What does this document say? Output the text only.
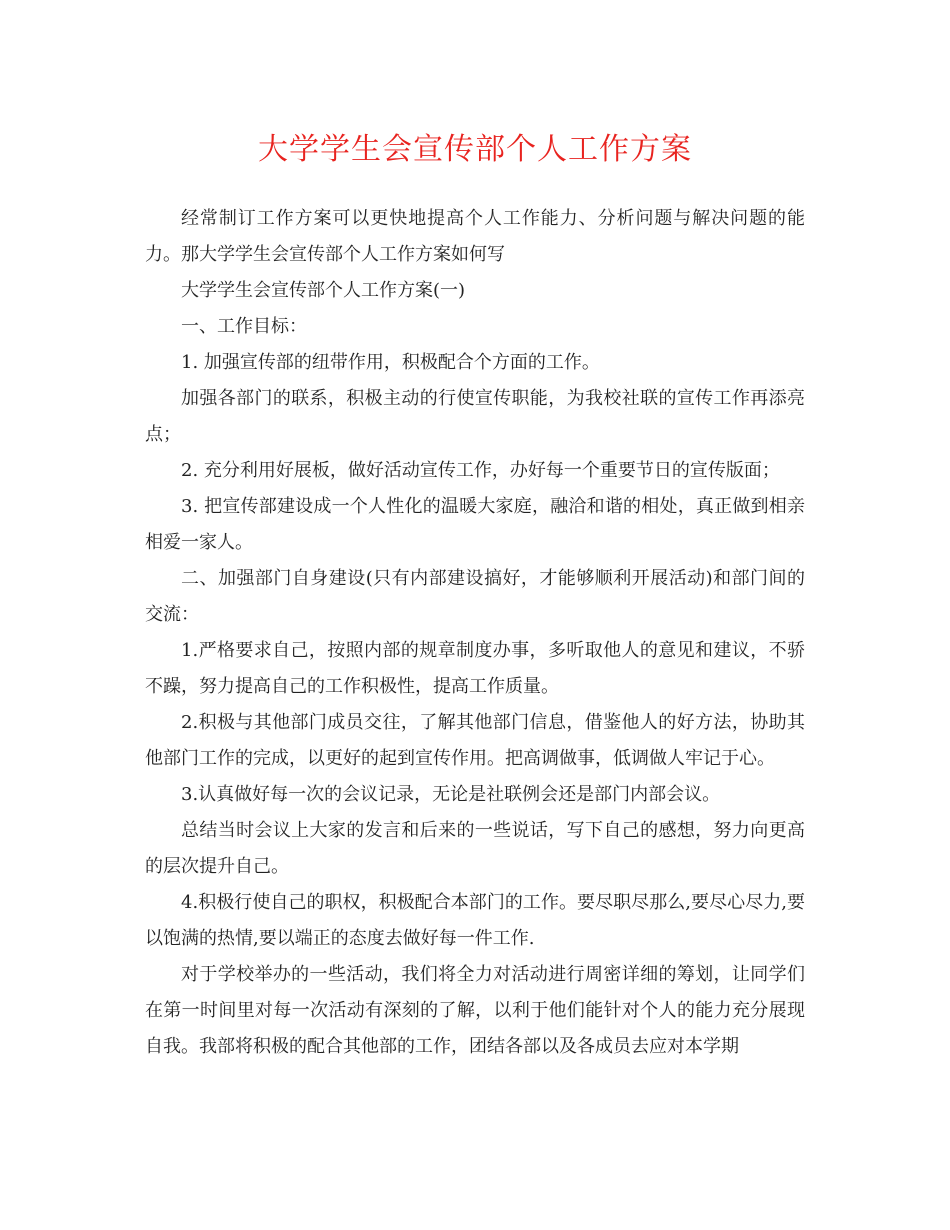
大学学生会宣传部个人工作方案

经常制订工作方案可以更快地提高个人工作能力、分析问题与解决问题的能力。那大学学生会宣传部个人工作方案如何写

大学学生会宣传部个人工作方案(一)

一、工作目标：

1. 加强宣传部的纽带作用，积极配合个方面的工作。

加强各部门的联系，积极主动的行使宣传职能，为我校社联的宣传工作再添亮点；

2. 充分利用好展板，做好活动宣传工作，办好每一个重要节日的宣传版面；

3. 把宣传部建设成一个人性化的温暖大家庭，融洽和谐的相处，真正做到相亲相爱一家人。

二、加强部门自身建设(只有内部建设搞好，才能够顺利开展活动)和部门间的交流：

1.严格要求自己，按照内部的规章制度办事，多听取他人的意见和建议，不骄不躁，努力提高自己的工作积极性，提高工作质量。

2.积极与其他部门成员交往，了解其他部门信息，借鉴他人的好方法，协助其他部门工作的完成，以更好的起到宣传作用。把高调做事，低调做人牢记于心。

3.认真做好每一次的会议记录，无论是社联例会还是部门内部会议。

总结当时会议上大家的发言和后来的一些说话，写下自己的感想，努力向更高的层次提升自己。

4.积极行使自己的职权，积极配合本部门的工作。要尽职尽那么,要尽心尽力,要以饱满的热情,要以端正的态度去做好每一件工作.

对于学校举办的一些活动，我们将全力对活动进行周密详细的筹划，让同学们在第一时间里对每一次活动有深刻的了解，以利于他们能针对个人的能力充分展现自我。我部将积极的配合其他部的工作，团结各部以及各成员去应对本学期
